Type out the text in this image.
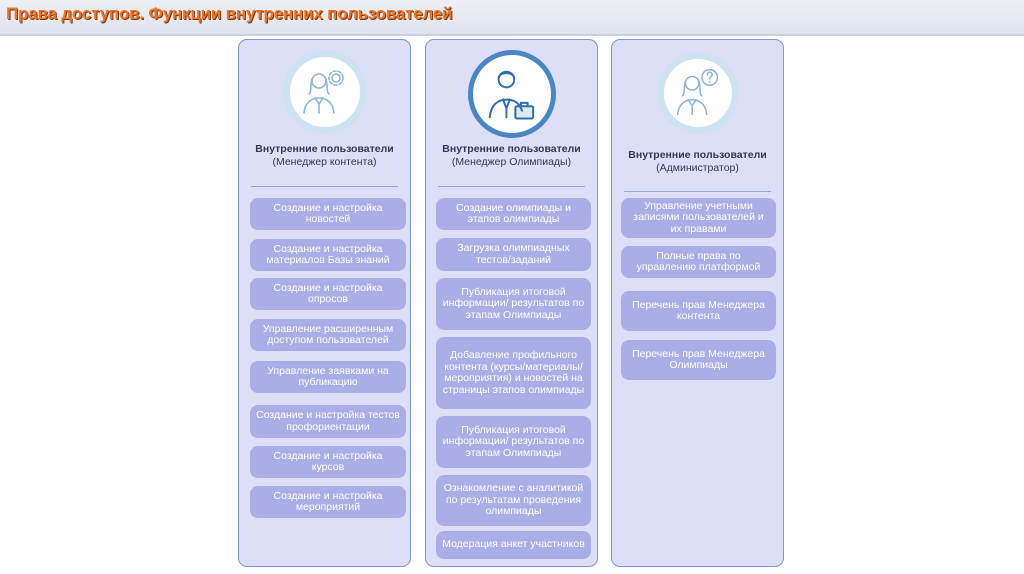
Права доступов. Функции внутренних пользователей
Внутренние пользователи
(Менеджер контента)
Создание и настройка новостей
Создание и настройка материалов Базы знаний
Создание и настройка опросов
Управление расширенным доступом пользователей
Управление заявками на публикацию
Создание и настройка тестов профориентации
Создание и настройка курсов
Создание и настройка мероприятий
Внутренние пользователи
(Менеджер Олимпиады)
Создание олимпиады и этапов олимпиады
Загрузка олимпиадных тестов/заданий
Публикация итоговой информации/ результатов по этапам Олимпиады
Добавление профильного контента (курсы/материалы/ мероприятия) и новостей на страницы этапов олимпиады
Публикация итоговой информации/ результатов по этапам Олимпиады
Ознакомление с аналитикой по результатам проведения олимпиады
Модерация анкет участников
Внутренние пользователи
(Администратор)
Управление учетными записями пользователей и их правами
Полные права по управлению платформой
Перечень прав Менеджера контента
Перечень прав Менеджера Олимпиады
